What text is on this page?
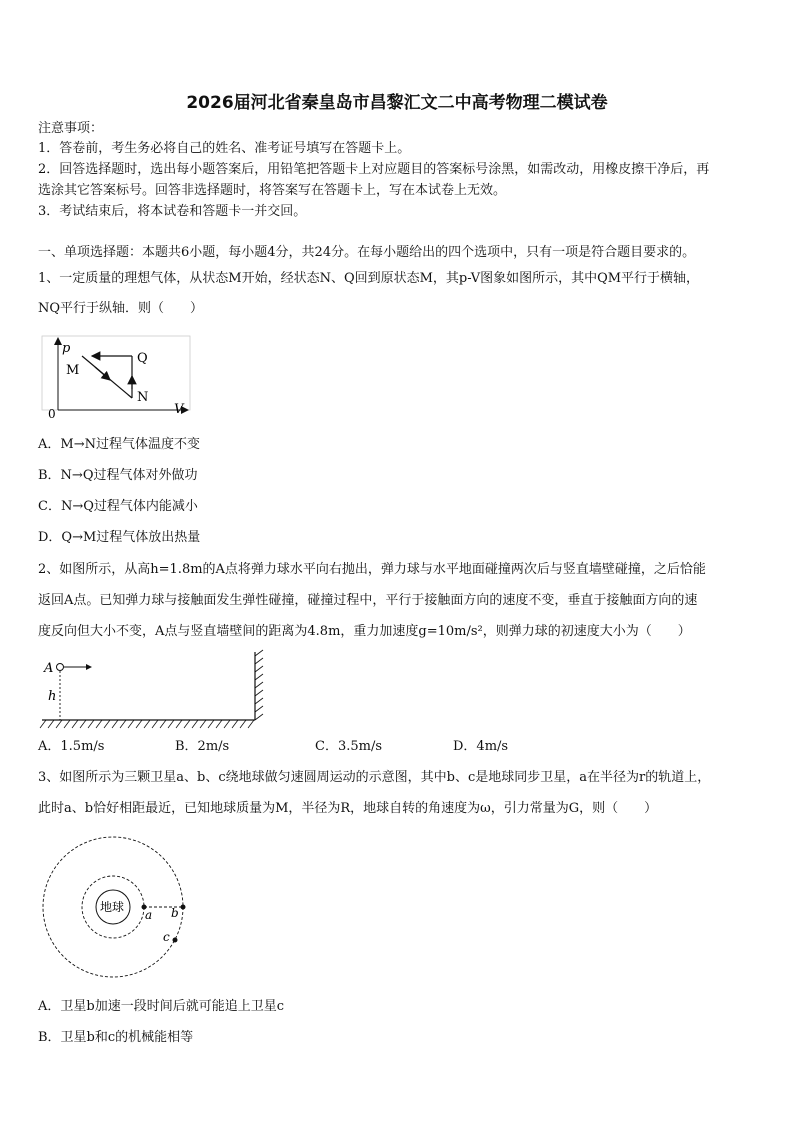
2026届河北省秦皇岛市昌黎汇文二中高考物理二模试卷
注意事项：
1．答卷前，考生务必将自己的姓名、准考证号填写在答题卡上。
2．回答选择题时，选出每小题答案后，用铅笔把答题卡上对应题目的答案标号涂黑，如需改动，用橡皮擦干净后，再
选涂其它答案标号。回答非选择题时，将答案写在答题卡上，写在本试卷上无效。
3．考试结束后，将本试卷和答题卡一并交回。
一、单项选择题：本题共6小题，每小题4分，共24分。在每小题给出的四个选项中，只有一项是符合题目要求的。
1、一定质量的理想气体，从状态M开始，经状态N、Q回到原状态M，其p-V图象如图所示，其中QM平行于横轴，
NQ平行于纵轴．则（　　）
p
V
0
M
Q
N
A．M→N过程气体温度不变
B．N→Q过程气体对外做功
C．N→Q过程气体内能减小
D．Q→M过程气体放出热量
2、如图所示，从高h=1.8m的A点将弹力球水平向右抛出，弹力球与水平地面碰撞两次后与竖直墙壁碰撞，之后恰能
返回A点。已知弹力球与接触面发生弹性碰撞，碰撞过程中，平行于接触面方向的速度不变，垂直于接触面方向的速
度反向但大小不变，A点与竖直墙壁间的距离为4.8m，重力加速度g=10m/s²，则弹力球的初速度大小为（　　）
A
h
A．1.5m/s	B．2m/s	C．3.5m/s	D．4m/s
3、如图所示为三颗卫星a、b、c绕地球做匀速圆周运动的示意图，其中b、c是地球同步卫星，a在半径为r的轨道上，
此时a、b恰好相距最近，已知地球质量为M，半径为R，地球自转的角速度为ω，引力常量为G，则（　　）
地球
a b
c
A．卫星b加速一段时间后就可能追上卫星c
B．卫星b和c的机械能相等
